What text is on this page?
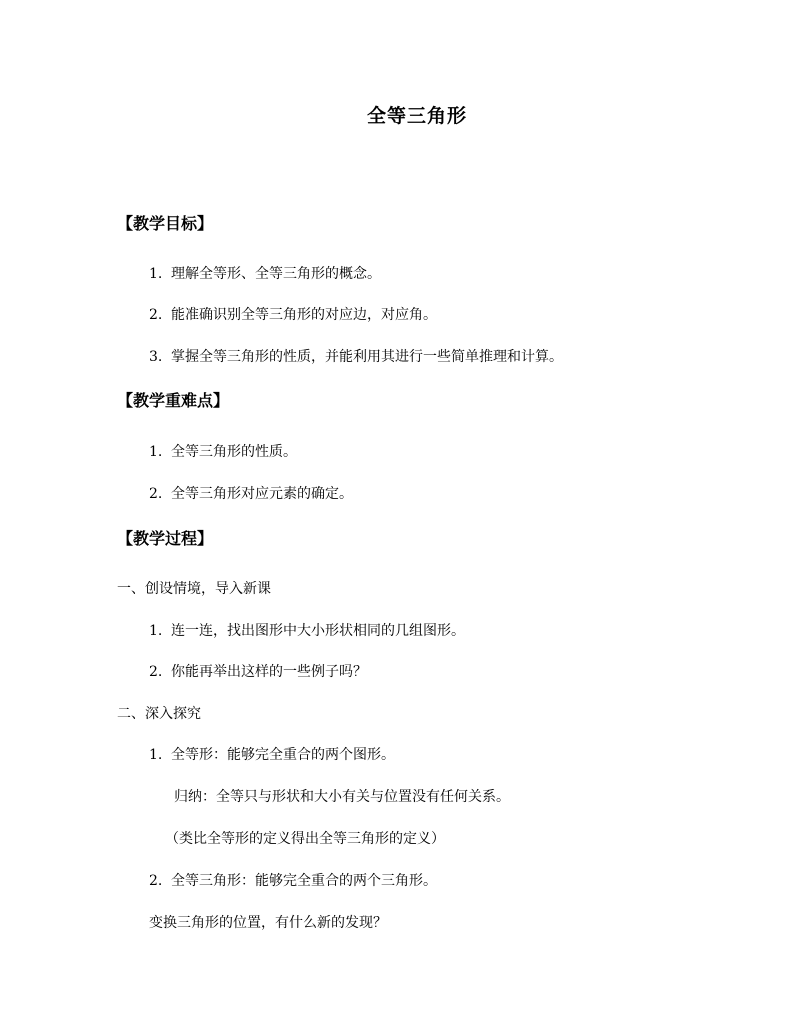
全等三角形
【教学目标】
1. 理解全等形、全等三角形的概念。
2. 能准确识别全等三角形的对应边，对应角。
3. 掌握全等三角形的性质，并能利用其进行一些简单推理和计算。
【教学重难点】
1. 全等三角形的性质。
2. 全等三角形对应元素的确定。
【教学过程】
一、创设情境，导入新课
1. 连一连，找出图形中大小形状相同的几组图形。
2. 你能再举出这样的一些例子吗？
二、深入探究
1. 全等形：能够完全重合的两个图形。
归纳：全等只与形状和大小有关与位置没有任何关系。
（类比全等形的定义得出全等三角形的定义）
2. 全等三角形：能够完全重合的两个三角形。
变换三角形的位置，有什么新的发现？
